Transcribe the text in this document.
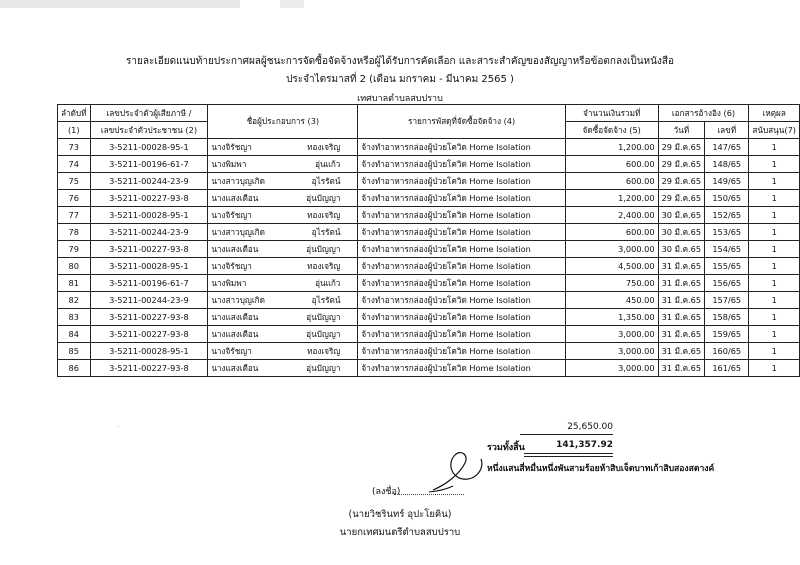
รายละเอียดแนบท้ายประกาศผลผู้ชนะการจัดซื้อจัดจ้างหรือผู้ได้รับการคัดเลือก และสาระสำคัญของสัญญาหรือข้อตกลงเป็นหนังสือ
ประจำไตรมาสที่ 2 (เดือน มกราคม - มีนาคม 2565 )
เทศบาลตำบลสบปราบ
ลำดับที่	เลขประจำตัวผู้เสียภาษี /	ชื่อผู้ประกอบการ (3)	รายการพัสดุที่จัดซื้อจัดจ้าง (4)	จำนวนเงินรวมที่	เอกสารอ้างอิง (6)		เหตุผล
(1)	เลขประจำตัวประชาชน (2)			จัดซื้อจัดจ้าง (5)	วันที่	เลขที่	สนับสนุน(7)
73	3-5211-00028-95-1	นางจิรัชญา ทองเจริญ	จ้างทำอาหารกล่องผู้ป่วยโควิด Home Isolation	1,200.00	29 มี.ค.65	147/65	1
74	3-5211-00196-61-7	นางพิมพา อุ่นแก้ว	จ้างทำอาหารกล่องผู้ป่วยโควิด Home Isolation	600.00	29 มี.ค.65	148/65	1
75	3-5211-00244-23-9	นางสาวบุญเกิด อุไรรัตน์	จ้างทำอาหารกล่องผู้ป่วยโควิด Home Isolation	600.00	29 มี.ค.65	149/65	1
76	3-5211-00227-93-8	นางแสงเดือน อุ่นปัญญา	จ้างทำอาหารกล่องผู้ป่วยโควิด Home Isolation	1,200.00	29 มี.ค.65	150/65	1
77	3-5211-00028-95-1	นางจิรัชญา ทองเจริญ	จ้างทำอาหารกล่องผู้ป่วยโควิด Home Isolation	2,400.00	30 มี.ค.65	152/65	1
78	3-5211-00244-23-9	นางสาวบุญเกิด อุไรรัตน์	จ้างทำอาหารกล่องผู้ป่วยโควิด Home Isolation	600.00	30 มี.ค.65	153/65	1
79	3-5211-00227-93-8	นางแสงเดือน อุ่นปัญญา	จ้างทำอาหารกล่องผู้ป่วยโควิด Home Isolation	3,000.00	30 มี.ค.65	154/65	1
80	3-5211-00028-95-1	นางจิรัชญา ทองเจริญ	จ้างทำอาหารกล่องผู้ป่วยโควิด Home Isolation	4,500.00	31 มี.ค.65	155/65	1
81	3-5211-00196-61-7	นางพิมพา อุ่นแก้ว	จ้างทำอาหารกล่องผู้ป่วยโควิด Home Isolation	750.00	31 มี.ค.65	156/65	1
82	3-5211-00244-23-9	นางสาวบุญเกิด อุไรรัตน์	จ้างทำอาหารกล่องผู้ป่วยโควิด Home Isolation	450.00	31 มี.ค.65	157/65	1
83	3-5211-00227-93-8	นางแสงเดือน อุ่นปัญญา	จ้างทำอาหารกล่องผู้ป่วยโควิด Home Isolation	1,350.00	31 มี.ค.65	158/65	1
84	3-5211-00227-93-8	นางแสงเดือน อุ่นปัญญา	จ้างทำอาหารกล่องผู้ป่วยโควิด Home Isolation	3,000.00	31 มี.ค.65	159/65	1
85	3-5211-00028-95-1	นางจิรัชญา ทองเจริญ	จ้างทำอาหารกล่องผู้ป่วยโควิด Home Isolation	3,000.00	31 มี.ค.65	160/65	1
86	3-5211-00227-93-8	นางแสงเดือน อุ่นปัญญา	จ้างทำอาหารกล่องผู้ป่วยโควิด Home Isolation	3,000.00	31 มี.ค.65	161/65	1
·	25,650.00
รวมทั้งสิ้น	141,357.92
หนึ่งแสนสี่หมื่นหนึ่งพันสามร้อยห้าสิบเจ็ดบาทเก้าสิบสองสตางค์
(ลงชื่อ)
(นายวิชรินทร์ อุปะโยคิน)
นายกเทศมนตรีตำบลสบปราบ
